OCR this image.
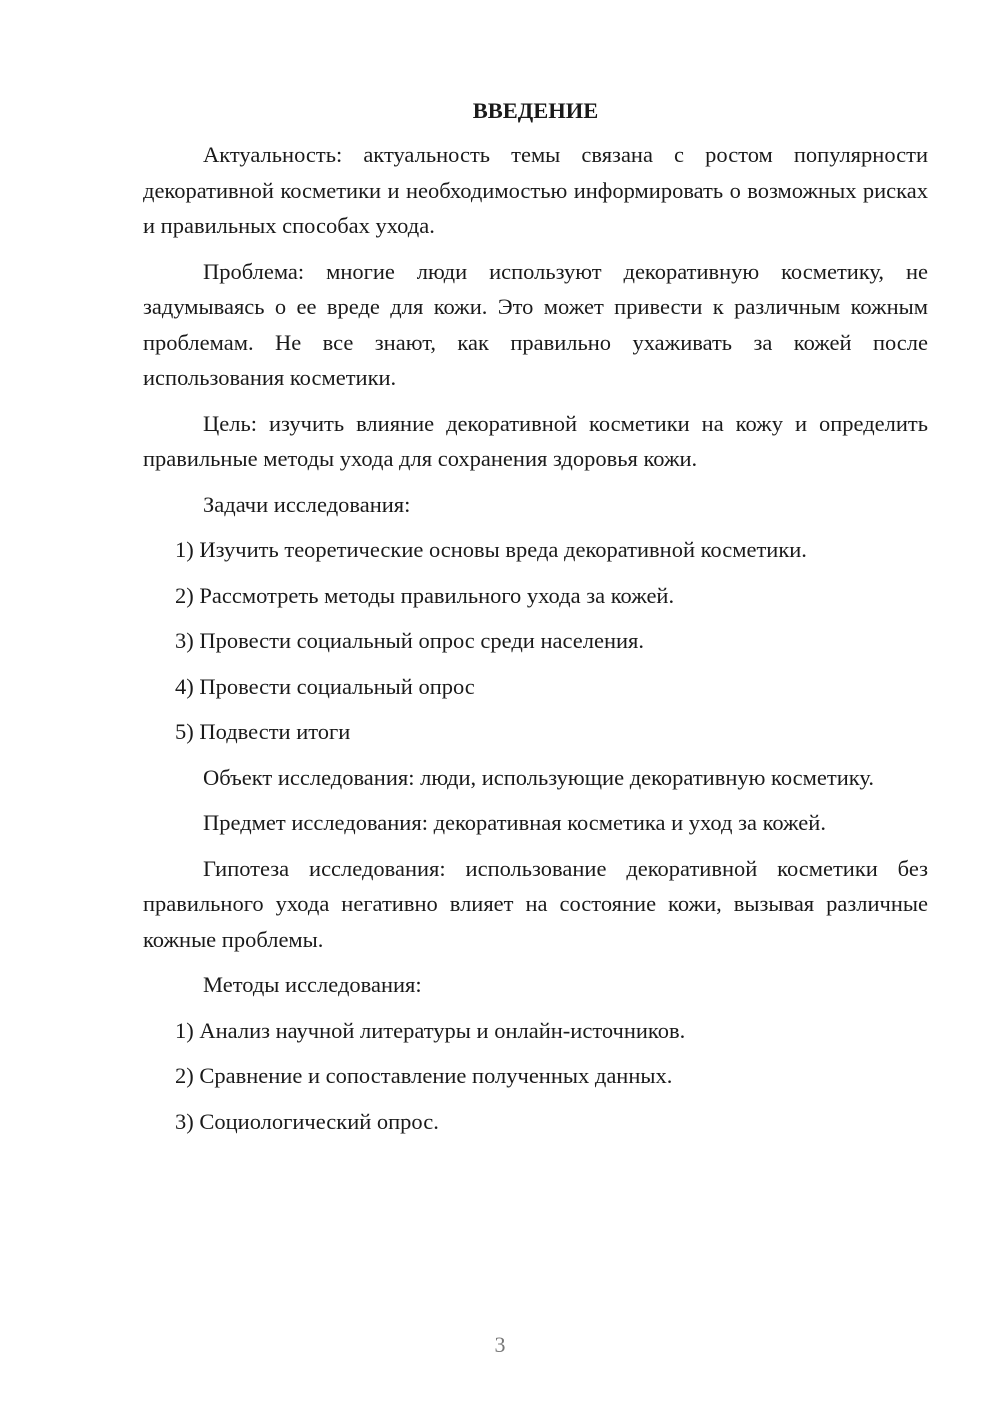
ВВЕДЕНИЕ

Актуальность: актуальность темы связана с ростом популярности декоративной косметики и необходимостью информировать о возможных рисках и правильных способах ухода.

Проблема: многие люди используют декоративную косметику, не задумываясь о ее вреде для кожи. Это может привести к различным кожным проблемам. Не все знают, как правильно ухаживать за кожей после использования косметики.

Цель: изучить влияние декоративной косметики на кожу и определить правильные методы ухода для сохранения здоровья кожи.

Задачи исследования:

1) Изучить теоретические основы вреда декоративной косметики.
2) Рассмотреть методы правильного ухода за кожей.
3) Провести социальный опрос среди населения.
4) Провести социальный опрос
5) Подвести итоги

Объект исследования: люди, использующие декоративную косметику.

Предмет исследования: декоративная косметика и уход за кожей.

Гипотеза исследования: использование декоративной косметики без правильного ухода негативно влияет на состояние кожи, вызывая различные кожные проблемы.

Методы исследования:

1) Анализ научной литературы и онлайн-источников.
2) Сравнение и сопоставление полученных данных.
3) Социологический опрос.
3
